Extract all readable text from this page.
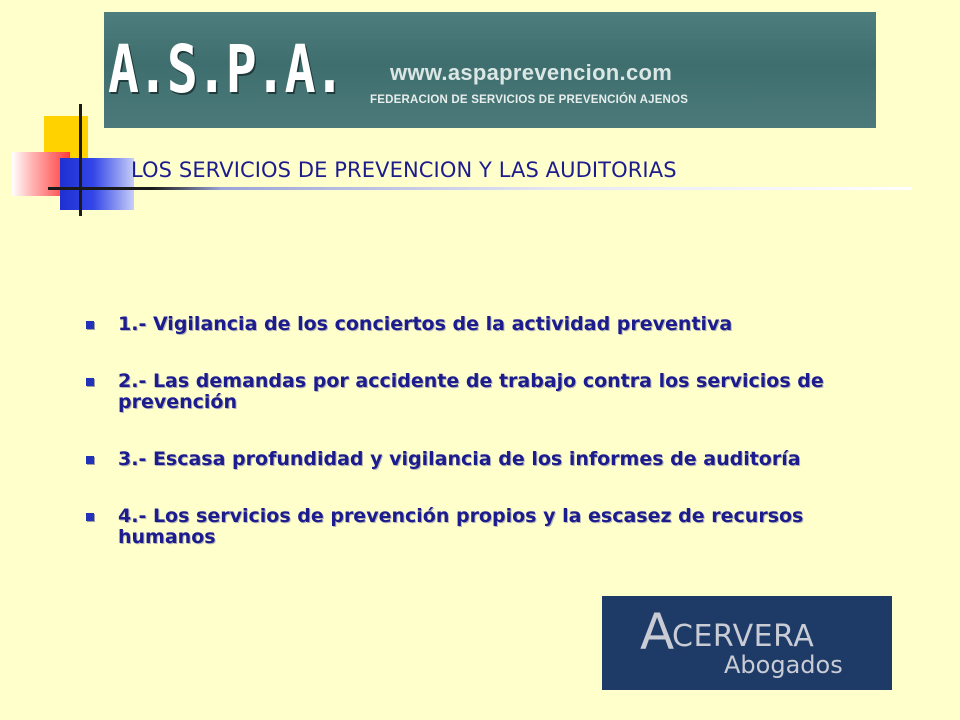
A.S.P.A. www.aspaprevencion.com
FEDERACION DE SERVICIOS DE PREVENCIÓN AJENOS
LOS SERVICIOS DE PREVENCION Y LAS AUDITORIAS
1.- Vigilancia de los conciertos de la actividad preventiva
2.- Las demandas por accidente de trabajo contra los servicios de prevención
3.- Escasa profundidad y vigilancia de los informes de auditoría
4.- Los servicios de prevención propios y la escasez de recursos humanos
A
CERVERA
Abogados
